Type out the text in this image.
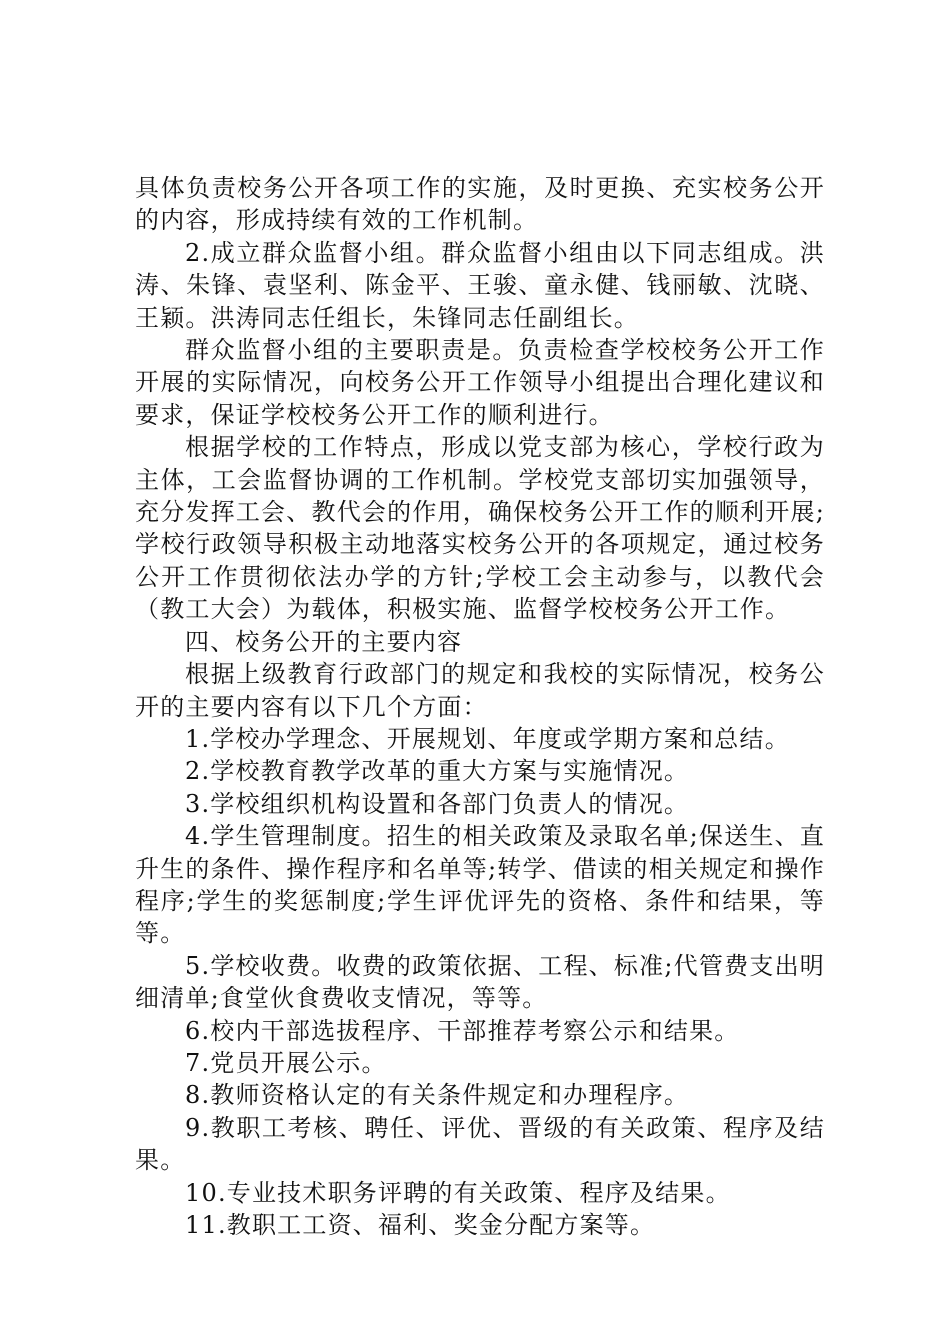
具体负责校务公开各项工作的实施，及时更换、充实校务公开的内容，形成持续有效的工作机制。

2.成立群众监督小组。群众监督小组由以下同志组成。洪涛、朱锋、袁坚利、陈金平、王骏、童永健、钱丽敏、沈晓、王颖。洪涛同志任组长，朱锋同志任副组长。

群众监督小组的主要职责是。负责检查学校校务公开工作开展的实际情况，向校务公开工作领导小组提出合理化建议和要求，保证学校校务公开工作的顺利进行。

根据学校的工作特点，形成以党支部为核心，学校行政为主体，工会监督协调的工作机制。学校党支部切实加强领导，充分发挥工会、教代会的作用，确保校务公开工作的顺利开展;学校行政领导积极主动地落实校务公开的各项规定，通过校务公开工作贯彻依法办学的方针;学校工会主动参与，以教代会（教工大会）为载体，积极实施、监督学校校务公开工作。

四、校务公开的主要内容

根据上级教育行政部门的规定和我校的实际情况，校务公开的主要内容有以下几个方面：

1.学校办学理念、开展规划、年度或学期方案和总结。

2.学校教育教学改革的重大方案与实施情况。

3.学校组织机构设置和各部门负责人的情况。

4.学生管理制度。招生的相关政策及录取名单;保送生、直升生的条件、操作程序和名单等;转学、借读的相关规定和操作程序;学生的奖惩制度;学生评优评先的资格、条件和结果，等等。

5.学校收费。收费的政策依据、工程、标准;代管费支出明细清单;食堂伙食费收支情况，等等。

6.校内干部选拔程序、干部推荐考察公示和结果。

7.党员开展公示。

8.教师资格认定的有关条件规定和办理程序。

9.教职工考核、聘任、评优、晋级的有关政策、程序及结果。

10.专业技术职务评聘的有关政策、程序及结果。

11.教职工工资、福利、奖金分配方案等。
